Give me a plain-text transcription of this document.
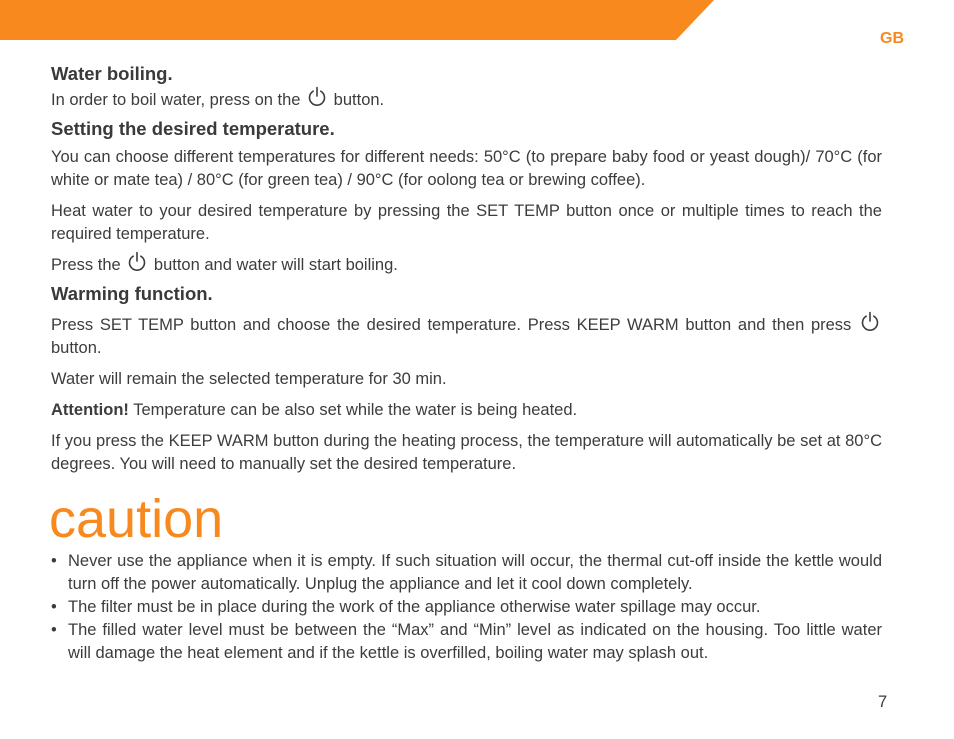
GB
Water boiling.

In order to boil water, press on the button.

Setting the desired temperature.

You can choose different temperatures for different needs: 50°C (to prepare baby food or yeast dough)/ 70°C (for white or mate tea) / 80°C (for green tea) / 90°C (for oolong tea or brewing coffee).

Heat water to your desired temperature by pressing the SET TEMP button once or multiple times to reach the required temperature.

Press the button and water will start boiling.

Warming function.

Press SET TEMP button and choose the desired temperature. Press KEEP WARM button and then press  button.

Water will remain the selected temperature for 30 min.

Attention! Temperature can be also set while the water is being heated.

If you press the KEEP WARM button during the heating process, the temperature will automatically be set at 80°C degrees. You will need to manually set the desired temperature.

caution
• Never use the appliance when it is empty. If such situation will occur, the thermal cut-off inside the kettle would turn off the power automatically. Unplug the appliance and let it cool down completely.
• The filter must be in place during the work of the appliance otherwise water spillage may occur.
• The filled water level must be between the “Max” and “Min” level as indicated on the housing. Too little water will damage the heat element and if the kettle is overfilled, boiling water may splash out.
7
